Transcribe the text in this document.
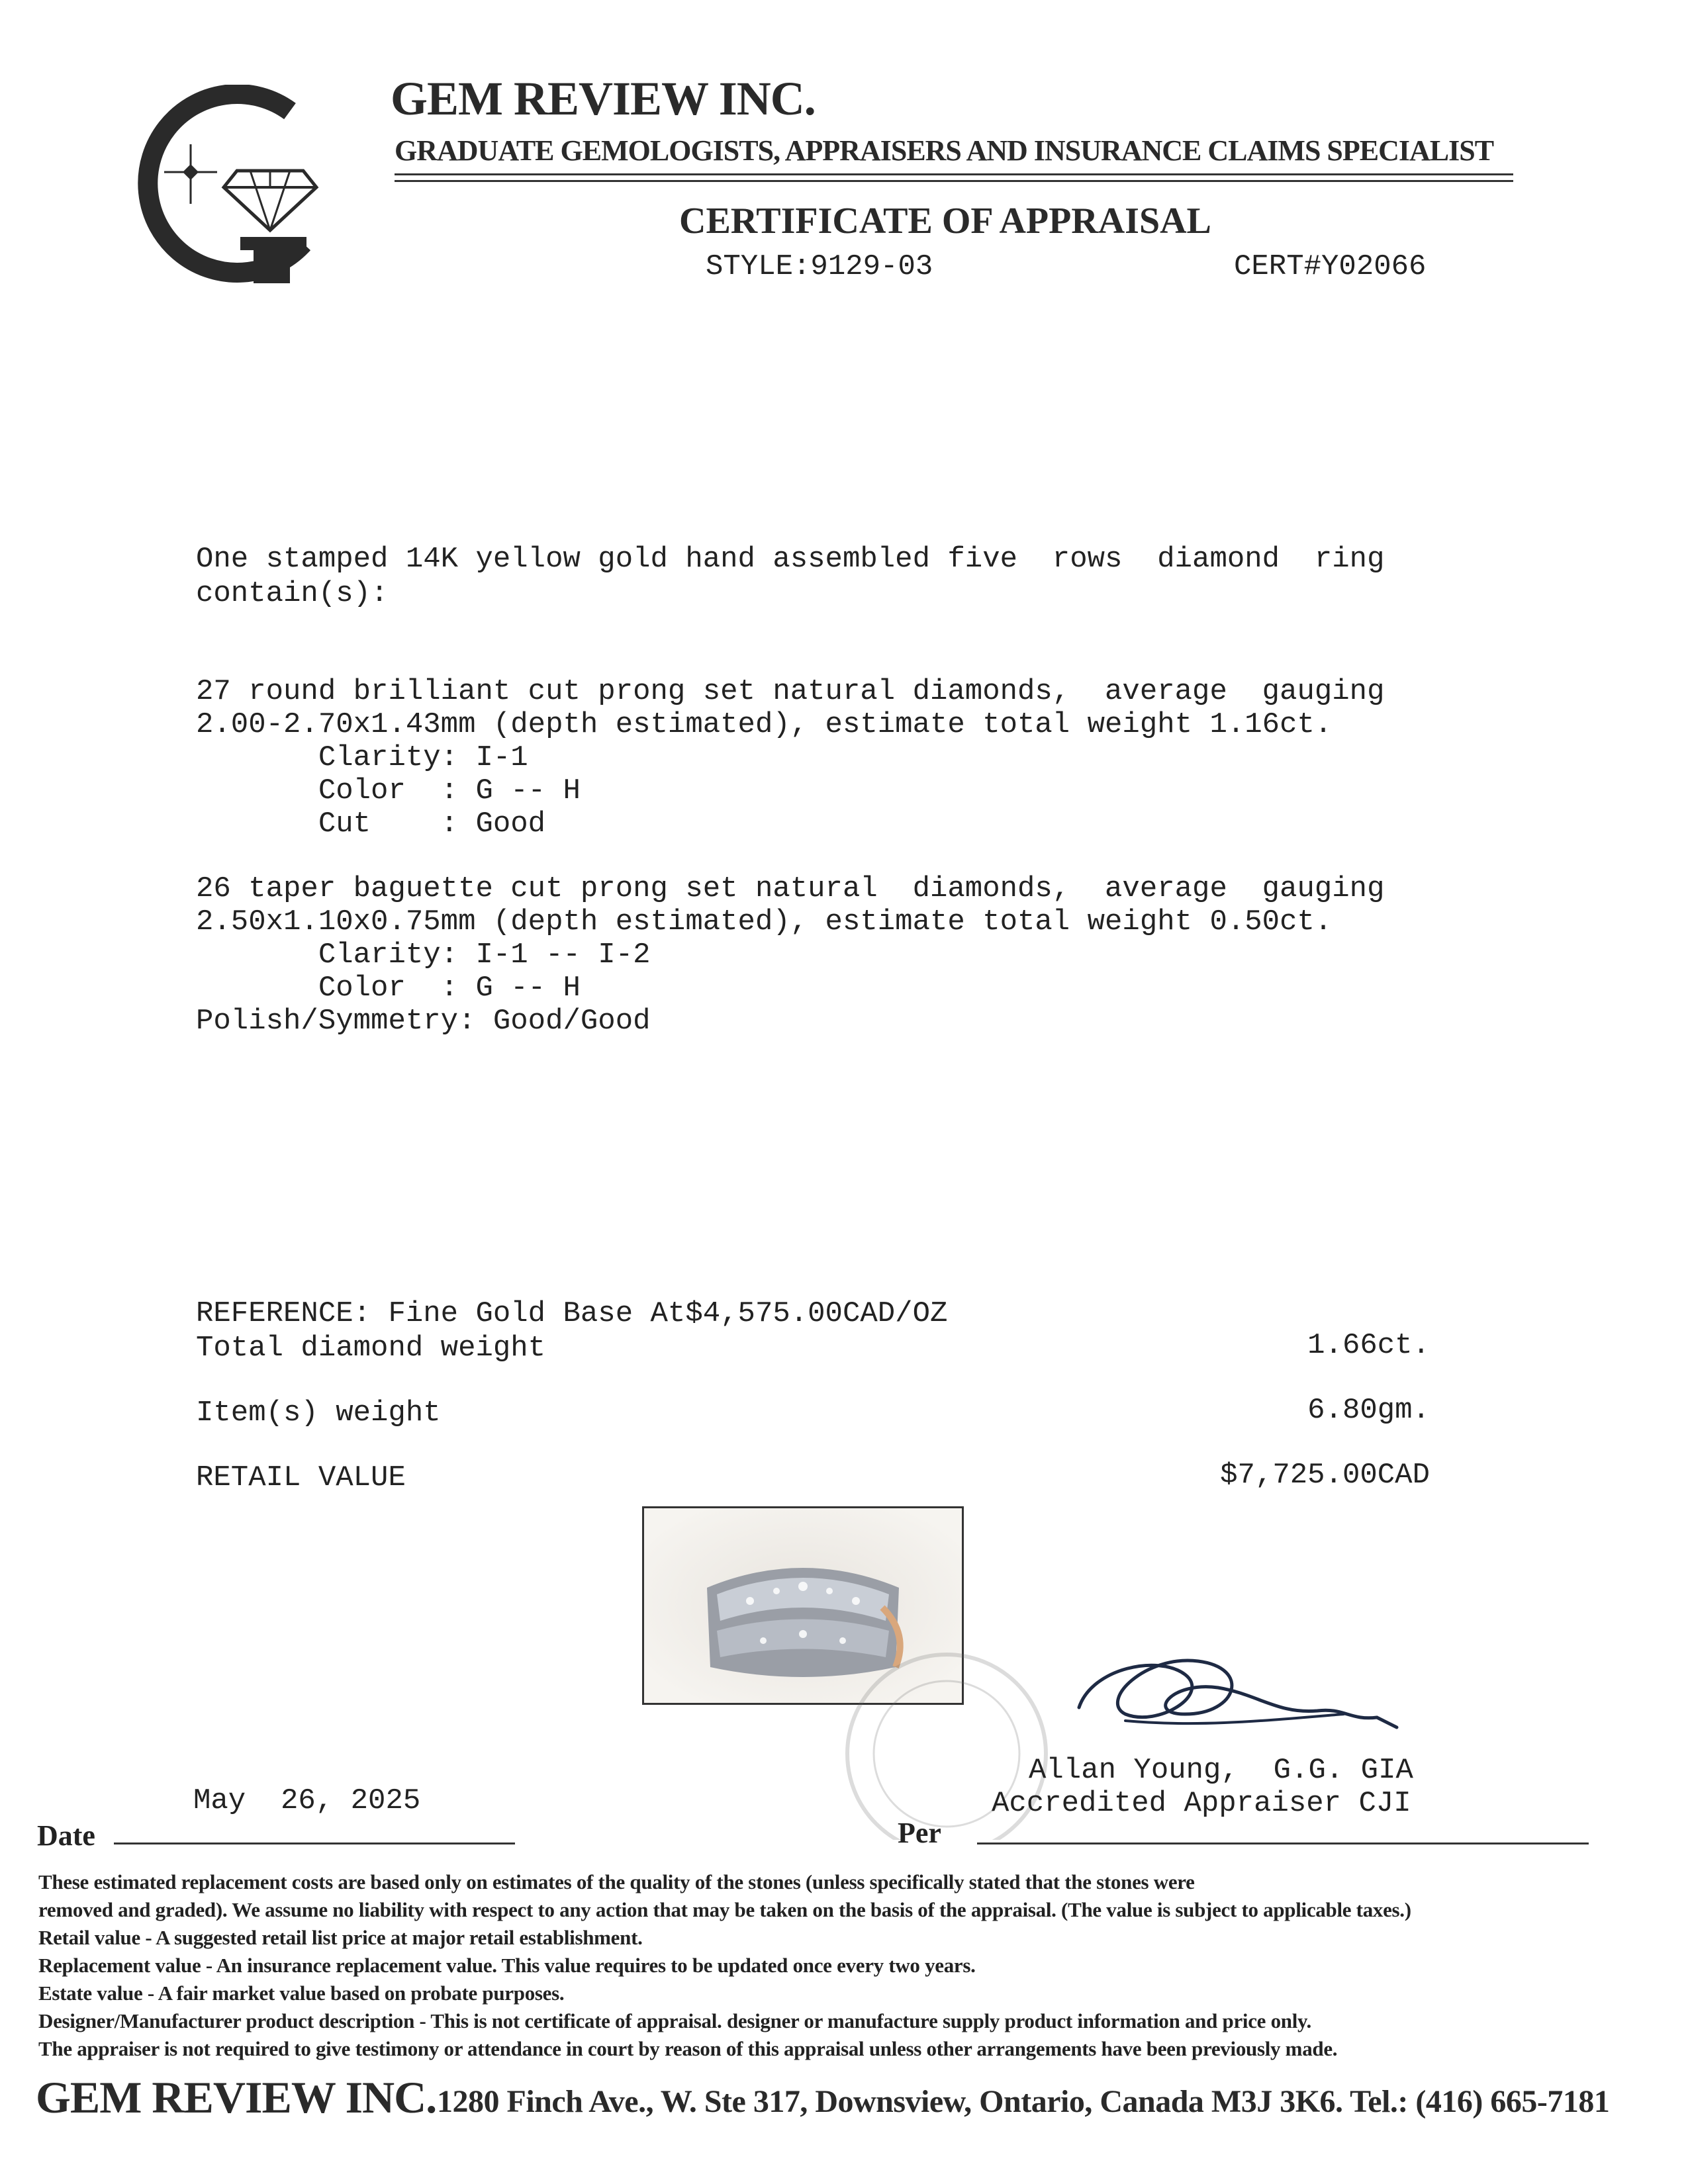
GEM REVIEW INC.
GRADUATE GEMOLOGISTS, APPRAISERS AND INSURANCE CLAIMS SPECIALIST
CERTIFICATE OF APPRAISAL
STYLE:9129-03	CERT#Y02066
One stamped 14K yellow gold hand assembled five  rows  diamond  ring
contain(s):
27 round brilliant cut prong set natural diamonds,  average  gauging
2.00-2.70x1.43mm (depth estimated), estimate total weight 1.16ct.
Clarity: I-1
Color  : G -- H
Cut    : Good
26 taper baguette cut prong set natural  diamonds,  average  gauging
2.50x1.10x0.75mm (depth estimated), estimate total weight 0.50ct.
Clarity: I-1 -- I-2
Color  : G -- H
Polish/Symmetry: Good/Good
REFERENCE: Fine Gold Base At$4,575.00CAD/OZ
Total diamond weight	1.66ct.
Item(s) weight	6.80gm.
RETAIL VALUE	$7,725.00CAD
Allan Young,  G.G. GIA
Accredited Appraiser CJI
May  26, 2025
Date	Per
These estimated replacement costs are based only on estimates of the quality of the stones (unless specifically stated that the stones were
removed and graded). We assume no liability with respect to any action that may be taken on the basis of the appraisal. (The value is subject to applicable taxes.)
Retail value - A suggested retail list price at major retail establishment.
Replacement value - An insurance replacement value. This value requires to be updated once every two years.
Estate value - A fair market value based on probate purposes.
Designer/Manufacturer product description - This is not certificate of appraisal. designer or manufacture supply product information and price only.
The appraiser is not required to give testimony or attendance in court by reason of this appraisal unless other arrangements have been previously made.
GEM REVIEW INC. 1280 Finch Ave., W. Ste 317, Downsview, Ontario, Canada M3J 3K6. Tel.: (416) 665-7181
